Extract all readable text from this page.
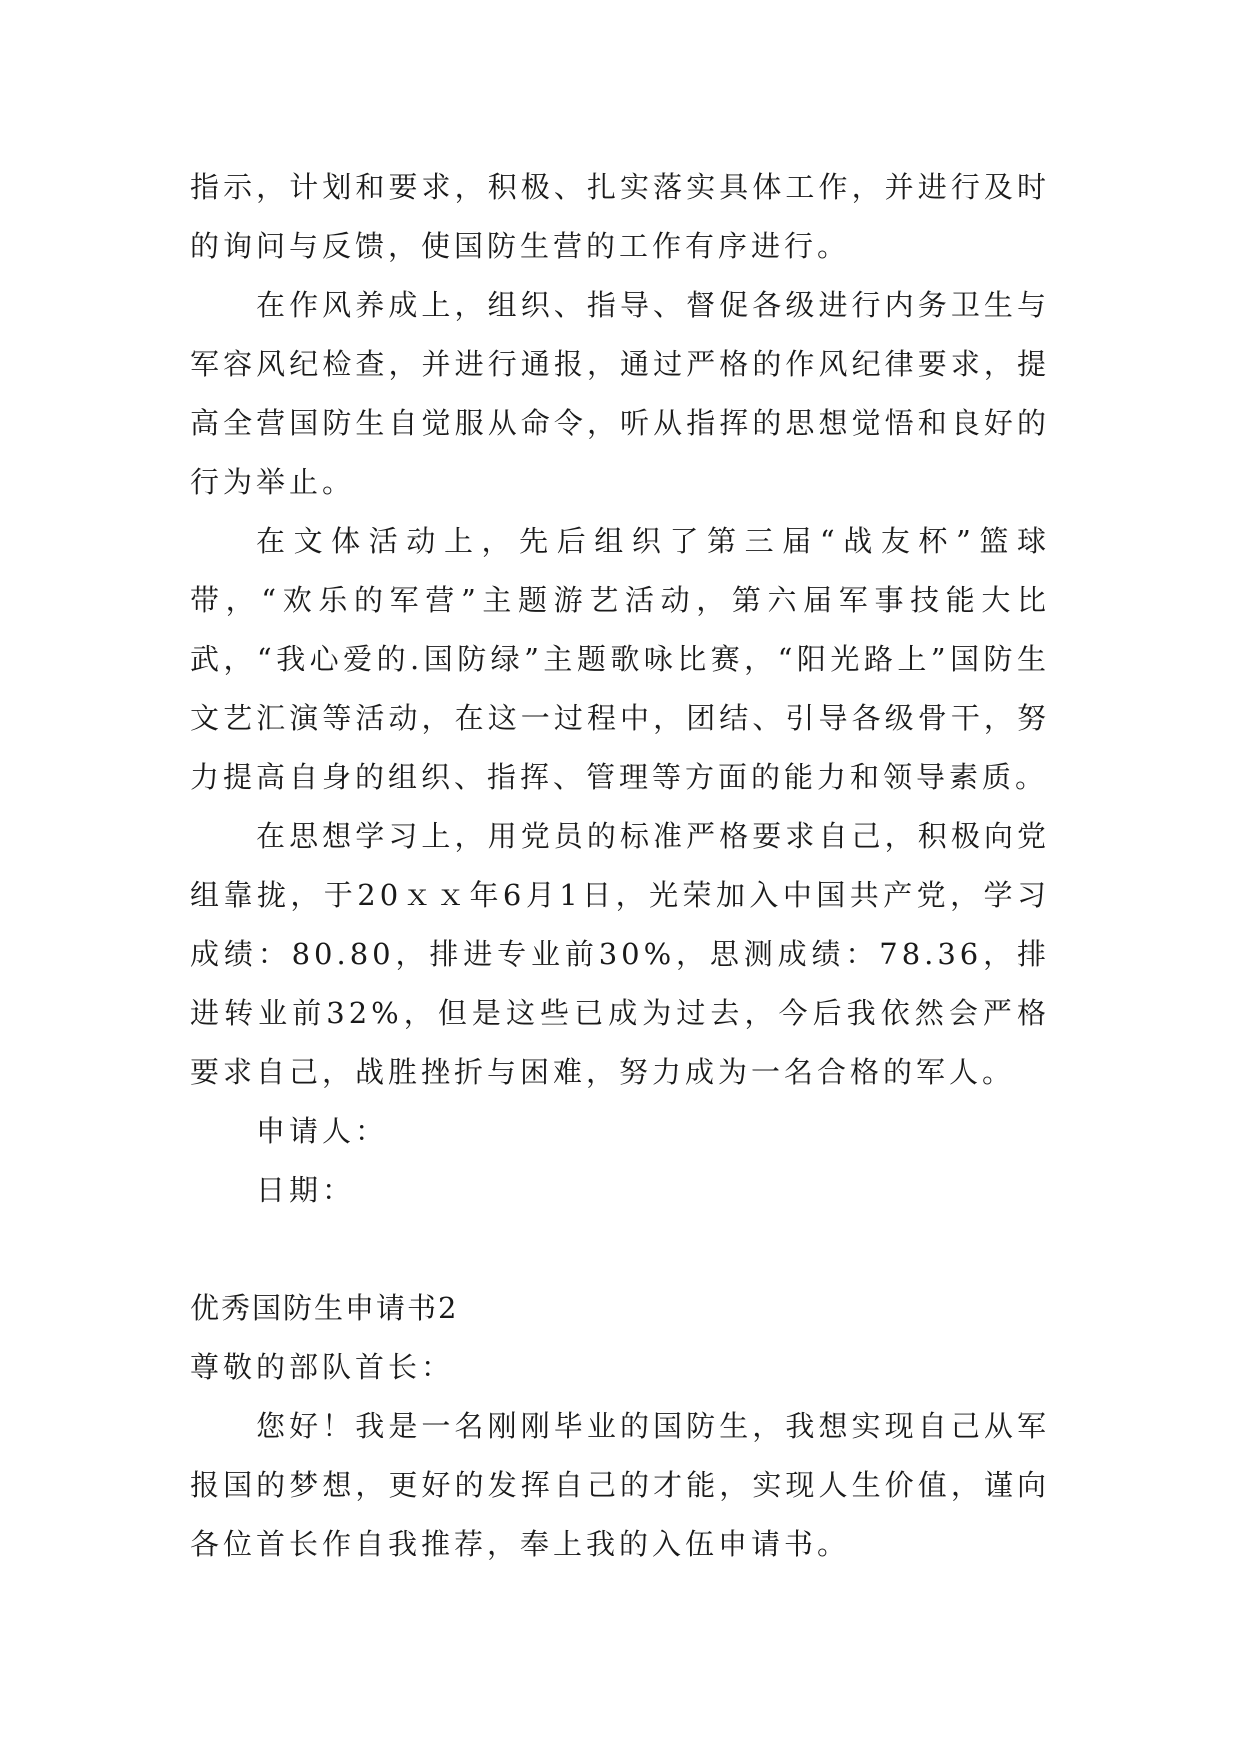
指示，计划和要求，积极、扎实落实具体工作，并进行及时的询问与反馈，使国防生营的工作有序进行。

在作风养成上，组织、指导、督促各级进行内务卫生与军容风纪检查，并进行通报，通过严格的作风纪律要求，提高全营国防生自觉服从命令，听从指挥的思想觉悟和良好的行为举止。

在文体活动上，先后组织了第三届“战友杯”篮球带，“欢乐的军营”主题游艺活动，第六届军事技能大比武，“我心爱的.国防绿”主题歌咏比赛，“阳光路上”国防生文艺汇演等活动，在这一过程中，团结、引导各级骨干，努力提高自身的组织、指挥、管理等方面的能力和领导素质。

在思想学习上，用党员的标准严格要求自己，积极向党组靠拢，于20ｘｘ年6月1日，光荣加入中国共产党，学习成绩：80.80，排进专业前30%，思测成绩：78.36，排进转业前32%，但是这些已成为过去，今后我依然会严格要求自己，战胜挫折与困难，努力成为一名合格的军人。

申请人：

日期：

优秀国防生申请书2

尊敬的部队首长：

您好！我是一名刚刚毕业的国防生，我想实现自己从军报国的梦想，更好的发挥自己的才能，实现人生价值，谨向各位首长作自我推荐，奉上我的入伍申请书。
